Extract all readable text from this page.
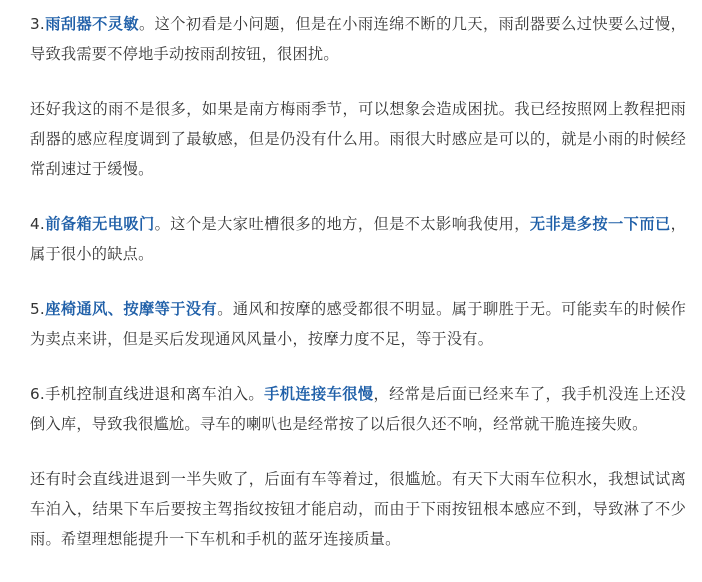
3.雨刮器不灵敏。这个初看是小问题，但是在小雨连绵不断的几天，雨刮器要么过快要么过慢，导致我需要不停地手动按雨刮按钮，很困扰。

还好我这的雨不是很多，如果是南方梅雨季节，可以想象会造成困扰。我已经按照网上教程把雨刮器的感应程度调到了最敏感，但是仍没有什么用。雨很大时感应是可以的，就是小雨的时候经常刮速过于缓慢。

4.前备箱无电吸门。这个是大家吐槽很多的地方，但是不太影响我使用，无非是多按一下而已，属于很小的缺点。

5.座椅通风、按摩等于没有。通风和按摩的感受都很不明显。属于聊胜于无。可能卖车的时候作为卖点来讲，但是买后发现通风风量小，按摩力度不足，等于没有。

6.手机控制直线进退和离车泊入。手机连接车很慢，经常是后面已经来车了，我手机没连上还没倒入库，导致我很尴尬。寻车的喇叭也是经常按了以后很久还不响，经常就干脆连接失败。

还有时会直线进退到一半失败了，后面有车等着过，很尴尬。有天下大雨车位积水，我想试试离车泊入，结果下车后要按主驾指纹按钮才能启动，而由于下雨按钮根本感应不到，导致淋了不少雨。希望理想能提升一下车机和手机的蓝牙连接质量。
